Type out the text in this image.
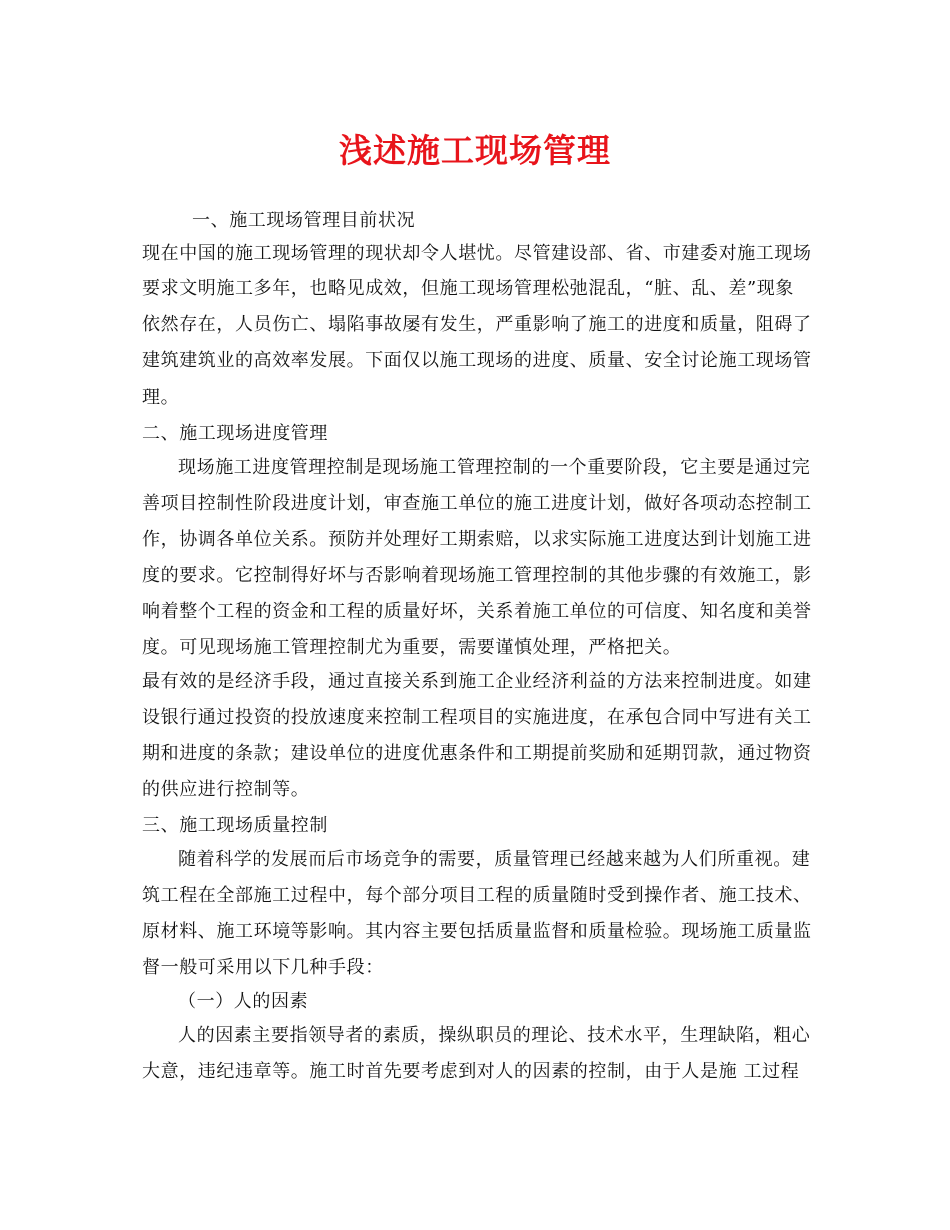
浅述施工现场管理
一、施工现场管理目前状况
现在中国的施工现场管理的现状却令人堪忧。尽管建设部、省、市建委对施工现场
要求文明施工多年，也略见成效，但施工现场管理松弛混乱，“脏、乱、差”现象
依然存在，人员伤亡、塌陷事故屡有发生，严重影响了施工的进度和质量，阻碍了
建筑建筑业的高效率发展。下面仅以施工现场的进度、质量、安全讨论施工现场管
理。
二、施工现场进度管理
现场施工进度管理控制是现场施工管理控制的一个重要阶段，它主要是通过完
善项目控制性阶段进度计划，审查施工单位的施工进度计划，做好各项动态控制工
作，协调各单位关系。预防并处理好工期索赔，以求实际施工进度达到计划施工进
度的要求。它控制得好坏与否影响着现场施工管理控制的其他步骤的有效施工，影
响着整个工程的资金和工程的质量好坏，关系着施工单位的可信度、知名度和美誉
度。可见现场施工管理控制尤为重要，需要谨慎处理，严格把关。
最有效的是经济手段，通过直接关系到施工企业经济利益的方法来控制进度。如建
设银行通过投资的投放速度来控制工程项目的实施进度，在承包合同中写进有关工
期和进度的条款；建设单位的进度优惠条件和工期提前奖励和延期罚款，通过物资
的供应进行控制等。
三、施工现场质量控制
随着科学的发展而后市场竞争的需要，质量管理已经越来越为人们所重视。建
筑工程在全部施工过程中，每个部分项目工程的质量随时受到操作者、施工技术、
原材料、施工环境等影响。其内容主要包括质量监督和质量检验。现场施工质量监
督一般可采用以下几种手段：
（一）人的因素
人的因素主要指领导者的素质，操纵职员的理论、技术水平，生理缺陷，粗心
大意，违纪违章等。施工时首先要考虑到对人的因素的控制，由于人是施 工过程
